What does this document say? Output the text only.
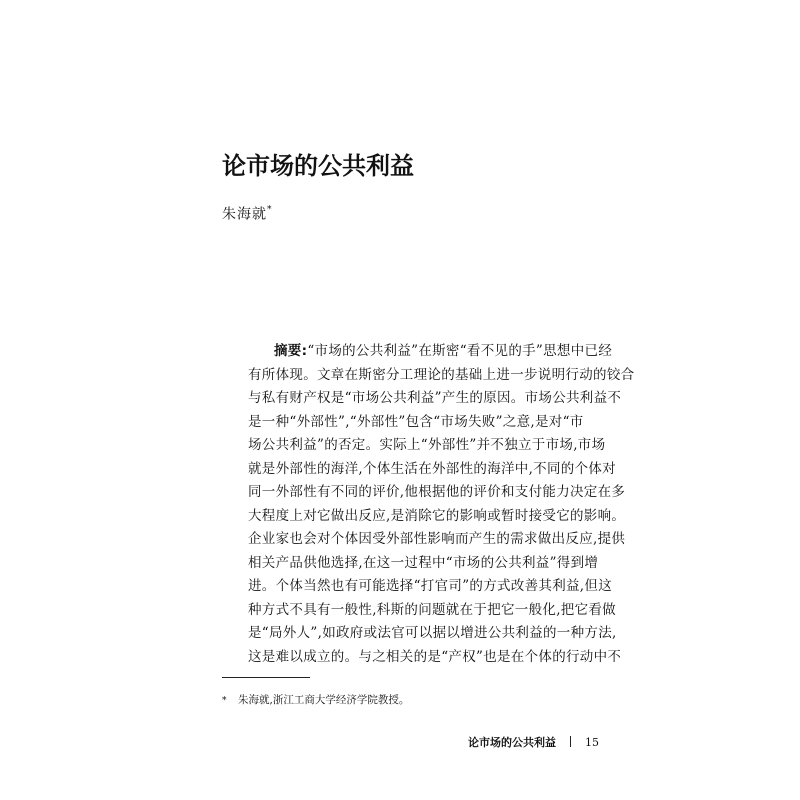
论市场的公共利益
朱海就*
摘要:“市场的公共利益”在斯密“看不见的手”思想中已经
有所体现。文章在斯密分工理论的基础上进一步说明行动的铰合
与私有财产权是“市场公共利益”产生的原因。市场公共利益不
是一种“外部性”,“外部性”包含“市场失败”之意,是对“市
场公共利益”的否定。实际上“外部性”并不独立于市场,市场
就是外部性的海洋,个体生活在外部性的海洋中,不同的个体对
同一外部性有不同的评价,他根据他的评价和支付能力决定在多
大程度上对它做出反应,是消除它的影响或暂时接受它的影响。
企业家也会对个体因受外部性影响而产生的需求做出反应,提供
相关产品供他选择,在这一过程中“市场的公共利益”得到增
进。个体当然也有可能选择“打官司”的方式改善其利益,但这
种方式不具有一般性,科斯的问题就在于把它一般化,把它看做
是“局外人”,如政府或法官可以据以增进公共利益的一种方法,
这是难以成立的。与之相关的是“产权”也是在个体的行动中不
* 朱海就,浙江工商大学经济学院教授。
论市场的公共利益	15
